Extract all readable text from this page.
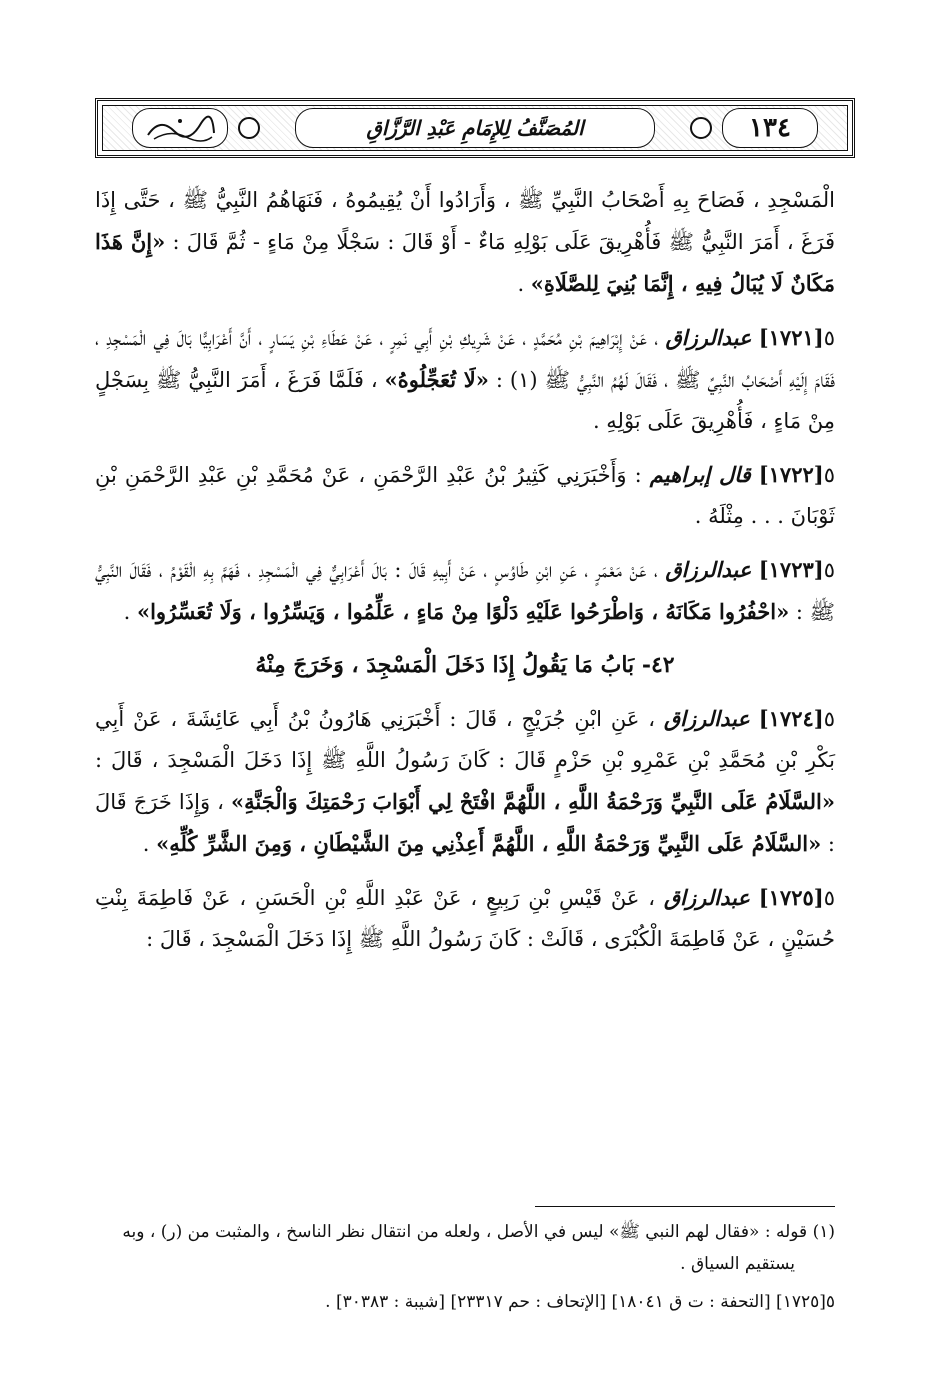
١٣٤
المُصَنَّفُ لِلإِمَامِ عَبْدِ الرَّزَّاقِ

الْمَسْجِدِ ، فَصَاحَ بِهِ أَصْحَابُ النَّبِيِّ ﷺ ، وَأَرَادُوا أَنْ يُقِيمُوهُ ، فَنَهَاهُمُ النَّبِيُّ ﷺ ، حَتَّى إِذَا فَرَغَ ، أَمَرَ النَّبِيُّ ﷺ فَأُهْرِيقَ عَلَى بَوْلِهِ مَاءٌ - أَوْ قَالَ : سَجْلًا مِنْ مَاءٍ - ثُمَّ قَالَ : «إِنَّ هَذَا مَكَانٌ لَا يُبَالُ فِيهِ ، إِنَّمَا بُنِيَ لِلصَّلَاةِ» .

٥[١٧٢١] عبدالرزاق ، عَنْ إِبْرَاهِيمَ بْنِ مُحَمَّدٍ ، عَنْ شَرِيكِ بْنِ أَبِي نَمِرٍ ، عَنْ عَطَاءِ بْنِ يَسَارٍ ، أَنَّ أَعْرَابِيًّا بَالَ فِي الْمَسْجِدِ ، فَقَامَ إِلَيْهِ أَصْحَابُ النَّبِيِّ ﷺ ، فَقَالَ لَهُمُ النَّبِيُّ ﷺ (١) : «لَا تُعَجِّلُوهُ» ، فَلَمَّا فَرَغَ ، أَمَرَ النَّبِيُّ ﷺ بِسَجْلٍ مِنْ مَاءٍ ، فَأُهْرِيقَ عَلَى بَوْلِهِ .

٥[١٧٢٢] قال إبراهيم : وَأَخْبَرَنِي كَثِيرُ بْنُ عَبْدِ الرَّحْمَنِ ، عَنْ مُحَمَّدِ بْنِ عَبْدِ الرَّحْمَنِ بْنِ ثَوْبَانَ . . . مِثْلَهُ .

٥[١٧٢٣] عبدالرزاق ، عَنْ مَعْمَرٍ ، عَنِ ابْنِ طَاوُسٍ ، عَنْ أَبِيهِ قَالَ : بَالَ أَعْرَابِيٌّ فِي الْمَسْجِدِ ، فَهَمَّ بِهِ الْقَوْمُ ، فَقَالَ النَّبِيُّ ﷺ : «احْفُرُوا مَكَانَهُ ، وَاطْرَحُوا عَلَيْهِ دَلْوًا مِنْ مَاءٍ ، عَلِّمُوا ، وَيَسِّرُوا ، وَلَا تُعَسِّرُوا» .

٤٢- بَابُ مَا يَقُولُ إِذَا دَخَلَ الْمَسْجِدَ ، وَخَرَجَ مِنْهُ

٥[١٧٢٤] عبدالرزاق ، عَنِ ابْنِ جُرَيْجٍ ، قَالَ : أَخْبَرَنِي هَارُونُ بْنُ أَبِي عَائِشَةَ ، عَنْ أَبِي بَكْرِ بْنِ مُحَمَّدِ بْنِ عَمْرِو بْنِ حَزْمٍ قَالَ : كَانَ رَسُولُ اللَّهِ ﷺ إِذَا دَخَلَ الْمَسْجِدَ ، قَالَ : «السَّلَامُ عَلَى النَّبِيِّ وَرَحْمَةُ اللَّهِ ، اللَّهُمَّ افْتَحْ لِي أَبْوَابَ رَحْمَتِكَ وَالْجَنَّةِ» ، وَإِذَا خَرَجَ قَالَ : «السَّلَامُ عَلَى النَّبِيِّ وَرَحْمَةُ اللَّهِ ، اللَّهُمَّ أَعِذْنِي مِنَ الشَّيْطَانِ ، وَمِنَ الشَّرِّ كُلِّهِ» .

٥[١٧٢٥] عبدالرزاق ، عَنْ قَيْسِ بْنِ رَبِيعٍ ، عَنْ عَبْدِ اللَّهِ بْنِ الْحَسَنِ ، عَنْ فَاطِمَةَ بِنْتِ حُسَيْنٍ ، عَنْ فَاطِمَةَ الْكُبْرَى ، قَالَتْ : كَانَ رَسُولُ اللَّهِ ﷺ إِذَا دَخَلَ الْمَسْجِدَ ، قَالَ :

(١) قوله : «فقال لهم النبي ﷺ» ليس في الأصل ، ولعله من انتقال نظر الناسخ ، والمثبت من (ر) ، وبه
يستقيم السياق .

٥[١٧٢٥] [التحفة : ت ق ١٨٠٤١] [الإتحاف : حم ٢٣٣١٧] [شيبة : ٣٠٣٨٣] .
